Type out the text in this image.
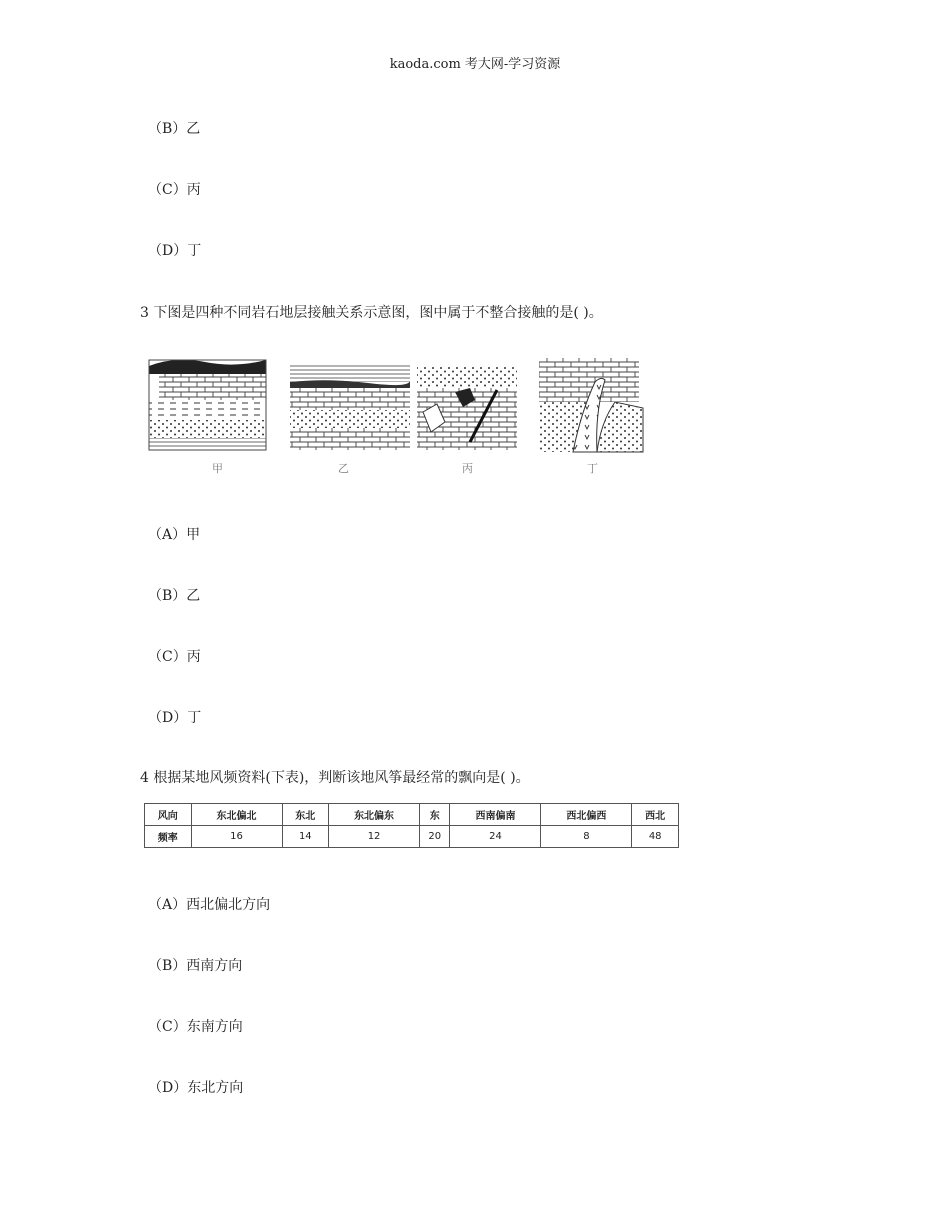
kaoda.com 考大网-学习资源
（B）乙
（C）丙
（D）丁
3 下图是四种不同岩石地层接触关系示意图，图中属于不整合接触的是( )。
甲	乙	丙	丁
（A）甲
（B）乙
（C）丙
（D）丁
4 根据某地风频资料(下表)，判断该地风筝最经常的飘向是( )。
风向	东北偏北	东北	东北偏东	东	西南偏南	西北偏西	西北
频率	16	14	12	20	24	8	48
（A）西北偏北方向
（B）西南方向
（C）东南方向
（D）东北方向
